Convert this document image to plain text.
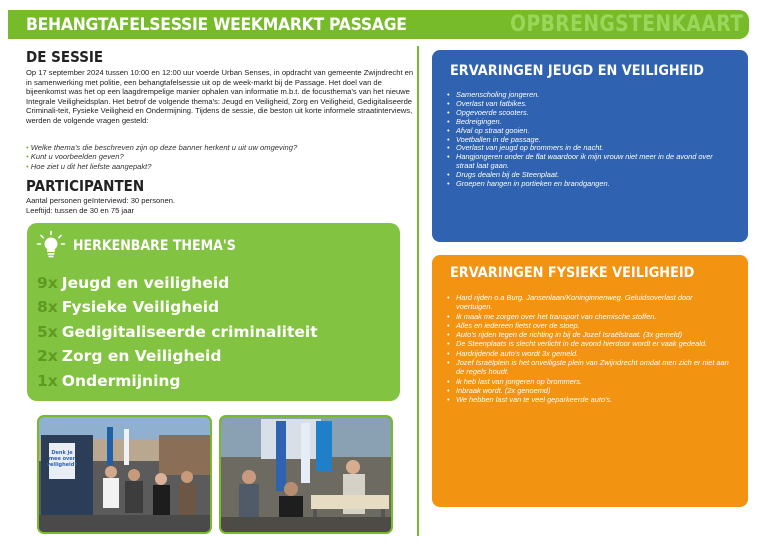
BEHANGTAFELSESSIE WEEKMARKT PASSAGE	OPBRENGSTENKAART
DE SESSIE

Op 17 september 2024 tussen 10:00 en 12:00 uur voerde Urban Senses, in opdracht van gemeente Zwijndrecht en in samenwerking met politie, een behangtafelsessie uit op de week-markt bij de Passage. Het doel van de bijeenkomst was het op een laagdrempelige manier ophalen van informatie m.b.t. de focusthema's van het nieuwe Integrale Veiligheidsplan. Het betrof de volgende thema's: Jeugd en Veiligheid, Zorg en Veiligheid, Gedigitaliseerde Criminali-teit, Fysieke Veiligheid en Ondermijning. Tijdens de sessie, die beston uit korte informele straatinterviews, werden de volgende vragen gesteld:

• Welke thema's die beschreven zijn op deze banner herkent u uit uw omgeving?
• Kunt u voorbeelden geven?
• Hoe ziet u dit het liefste aangepakt?
PARTICIPANTEN
Aantal personen geïnterviewd: 30 personen.
Leeftijd: tussen de 30 en 75 jaar
HERKENBARE THEMA'S
9x Jeugd en veiligheid
8x Fysieke Veiligheid
5x Gedigitaliseerde criminaliteit
2x Zorg en Veiligheid
1x Ondermijning
Denk je
mee over
veiligheid?
ERVARINGEN JEUGD EN VEILIGHEID
• Samenscholing jongeren.
• Overlast van fatbikes.
• Opgevoerde scooters.
• Bedreigingen.
• Afval op straat gooien.
• Voetballen in de passage.
• Overlast van jeugd op brommers in de nacht.
• Hangjongeren onder de flat waardoor ik mijn vrouw niet meer in de avond over straat laat gaan.
• Drugs dealen bij de Steenplaat.
• Groepen hangen in portieken en brandgangen.
ERVARINGEN FYSIEKE VEILIGHEID
• Hard rijden o.a Burg. Jansenlaan/Koninginnenweg. Geluidsoverlast door voertuigen.
• Ik maak me zorgen over het transport van chemische stoffen.
• Alles en iedereen fietst over de stoep.
• Auto's rijden tegen de richting in bij de Jozef Israëlstraat. (3x gemeld)
• De Steenplaats is slecht verlicht in de avond hierdoor wordt er vaak gedeald.
• Hardrijdende auto's wordt 3x gemeld.
• Jozef Israëlplein is het onveiligste plein van Zwijndrecht omdat men zich er niet aan de regels houdt.
• Ik heb last van jongeren op brommers.
• Inbraak wordt. (2x genoemd)
• We hebben last van te veel geparkeerde auto's.
